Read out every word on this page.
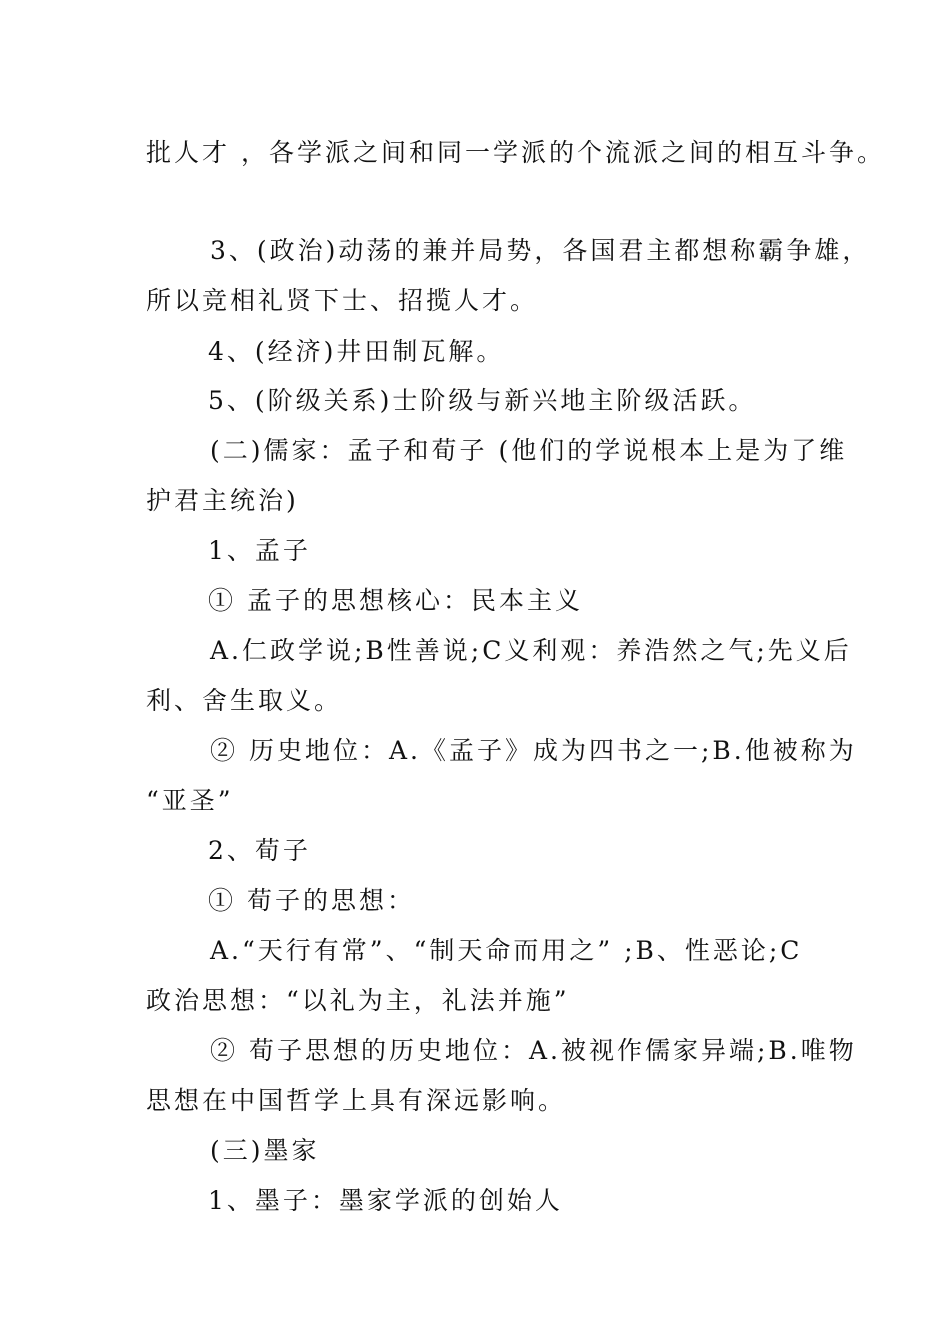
批人才 ，各学派之间和同一学派的个流派之间的相互斗争。
3、(政治)动荡的兼并局势，各国君主都想称霸争雄，
所以竞相礼贤下士、招揽人才。
4、(经济)井田制瓦解。
5、(阶级关系)士阶级与新兴地主阶级活跃。
(二)儒家：孟子和荀子 (他们的学说根本上是为了维
护君主统治)
1、孟子
① 孟子的思想核心：民本主义
A.仁政学说;B性善说;C义利观：养浩然之气;先义后
利、舍生取义。
② 历史地位：A.《孟子》成为四书之一;B.他被称为
“亚圣”
2、荀子
① 荀子的思想：
A.“天行有常”、“制天命而用之” ;B、性恶论;C
政治思想：“以礼为主，礼法并施”
② 荀子思想的历史地位：A.被视作儒家异端;B.唯物
思想在中国哲学上具有深远影响。
(三)墨家
1、墨子：墨家学派的创始人
